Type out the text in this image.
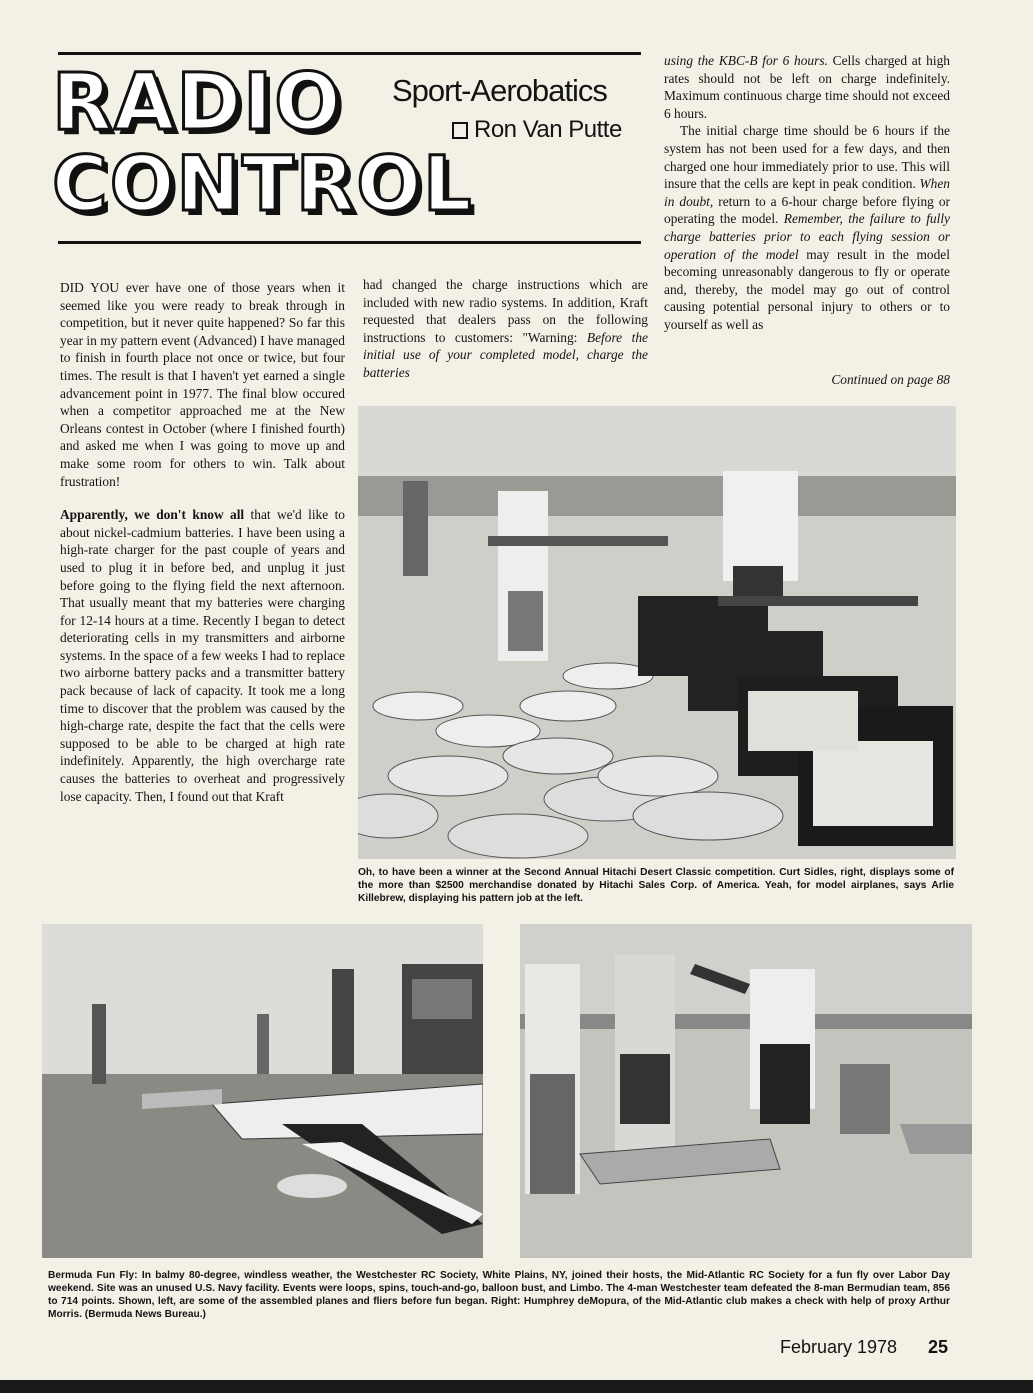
RADIO
CONTROL
Sport-Aerobatics
Ron Van Putte

DID YOU ever have one of those years when it seemed like you were ready to break through in competition, but it never quite happened? So far this year in my pattern event (Advanced) I have managed to finish in fourth place not once or twice, but four times. The result is that I haven't yet earned a single advancement point in 1977. The final blow occured when a competitor approached me at the New Orleans contest in October (where I finished fourth) and asked me when I was going to move up and make some room for others to win. Talk about frustration!

Apparently, we don't know all that we'd like to about nickel-cadmium batteries. I have been using a high-rate charger for the past couple of years and used to plug it in before bed, and unplug it just before going to the flying field the next afternoon. That usually meant that my batteries were charging for 12-14 hours at a time. Recently I began to detect deteriorating cells in my transmitters and airborne systems. In the space of a few weeks I had to replace two airborne battery packs and a transmitter battery pack because of lack of capacity. It took me a long time to discover that the problem was caused by the high-charge rate, despite the fact that the cells were supposed to be able to be charged at high rate indefinitely. Apparently, the high overcharge rate causes the batteries to overheat and progressively lose capacity. Then, I found out that Kraft

had changed the charge instructions which are included with new radio systems. In addition, Kraft requested that dealers pass on the following instructions to customers: "Warning: Before the initial use of your completed model, charge the batteries

using the KBC-B for 6 hours. Cells charged at high rates should not be left on charge indefinitely. Maximum continuous charge time should not exceed 6 hours.

The initial charge time should be 6 hours if the system has not been used for a few days, and then charged one hour immediately prior to use. This will insure that the cells are kept in peak condition. When in doubt, return to a 6-hour charge before flying or operating the model. Remember, the failure to fully charge batteries prior to each flying session or operation of the model may result in the model becoming unreasonably dangerous to fly or operate and, thereby, the model may go out of control causing potential personal injury to others or to yourself as well as

Continued on page 88
Oh, to have been a winner at the Second Annual Hitachi Desert Classic competition. Curt Sidles, right, displays some of the more than $2500 merchandise donated by Hitachi Sales Corp. of America. Yeah, for model airplanes, says Arlie Killebrew, displaying his pattern job at the left.
Bermuda Fun Fly: In balmy 80-degree, windless weather, the Westchester RC Society, White Plains, NY, joined their hosts, the Mid-Atlantic RC Society for a fun fly over Labor Day weekend. Site was an unused U.S. Navy facility. Events were loops, spins, touch-and-go, balloon bust, and Limbo. The 4-man Westchester team defeated the 8-man Bermudian team, 856 to 714 points. Shown, left, are some of the assembled planes and fliers before fun began. Right: Humphrey deMopura, of the Mid-Atlantic club makes a check with help of proxy Arthur Morris. (Bermuda News Bureau.)
February 1978 25
